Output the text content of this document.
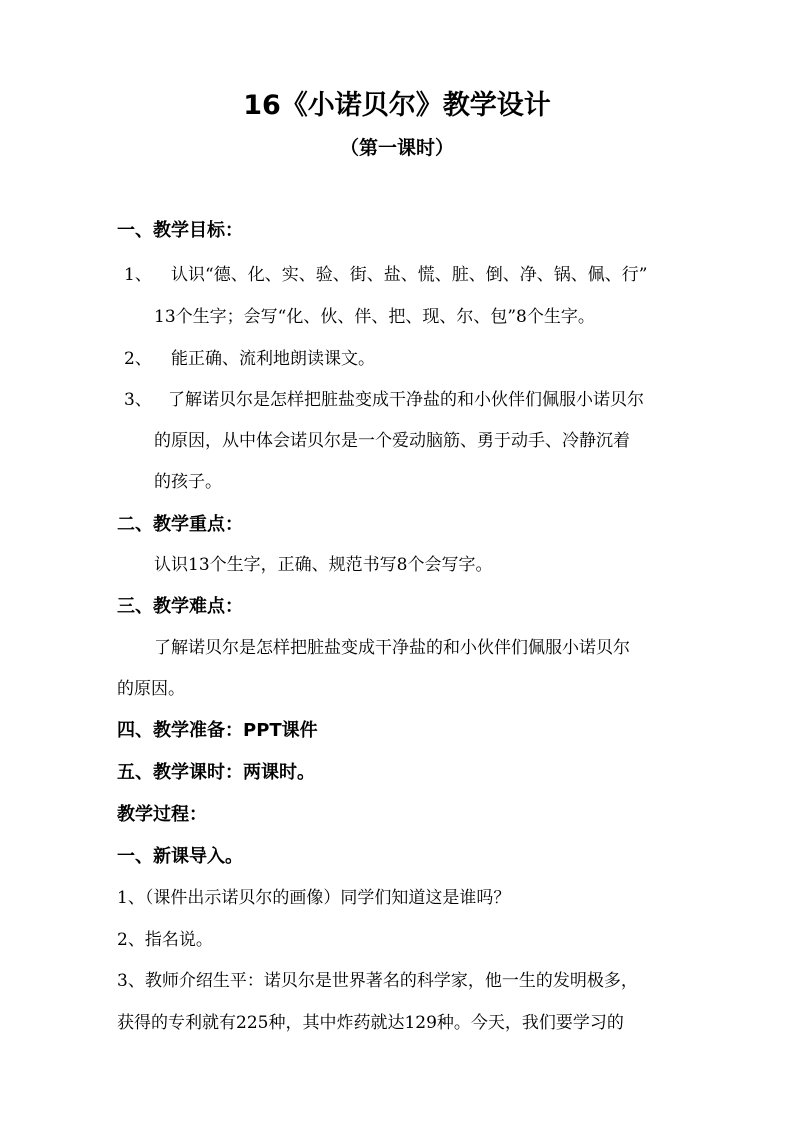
16《小诺贝尔》教学设计
（第一课时）
一、教学目标：
1、 认识“德、化、实、验、街、盐、慌、脏、倒、净、锅、佩、行”
13个生字；会写“化、伙、伴、把、现、尔、包”8个生字。
2、 能正确、流利地朗读课文。
3、 了解诺贝尔是怎样把脏盐变成干净盐的和小伙伴们佩服小诺贝尔
的原因，从中体会诺贝尔是一个爱动脑筋、勇于动手、冷静沉着
的孩子。
二、教学重点：
认识13个生字，正确、规范书写8个会写字。
三、教学难点：
了解诺贝尔是怎样把脏盐变成干净盐的和小伙伴们佩服小诺贝尔
的原因。
四、教学准备：PPT课件
五、教学课时：两课时。
教学过程：
一、新课导入。
1、（课件出示诺贝尔的画像）同学们知道这是谁吗？
2、指名说。
3、教师介绍生平：诺贝尔是世界著名的科学家，他一生的发明极多，
获得的专利就有225种，其中炸药就达129种。今天，我们要学习的
